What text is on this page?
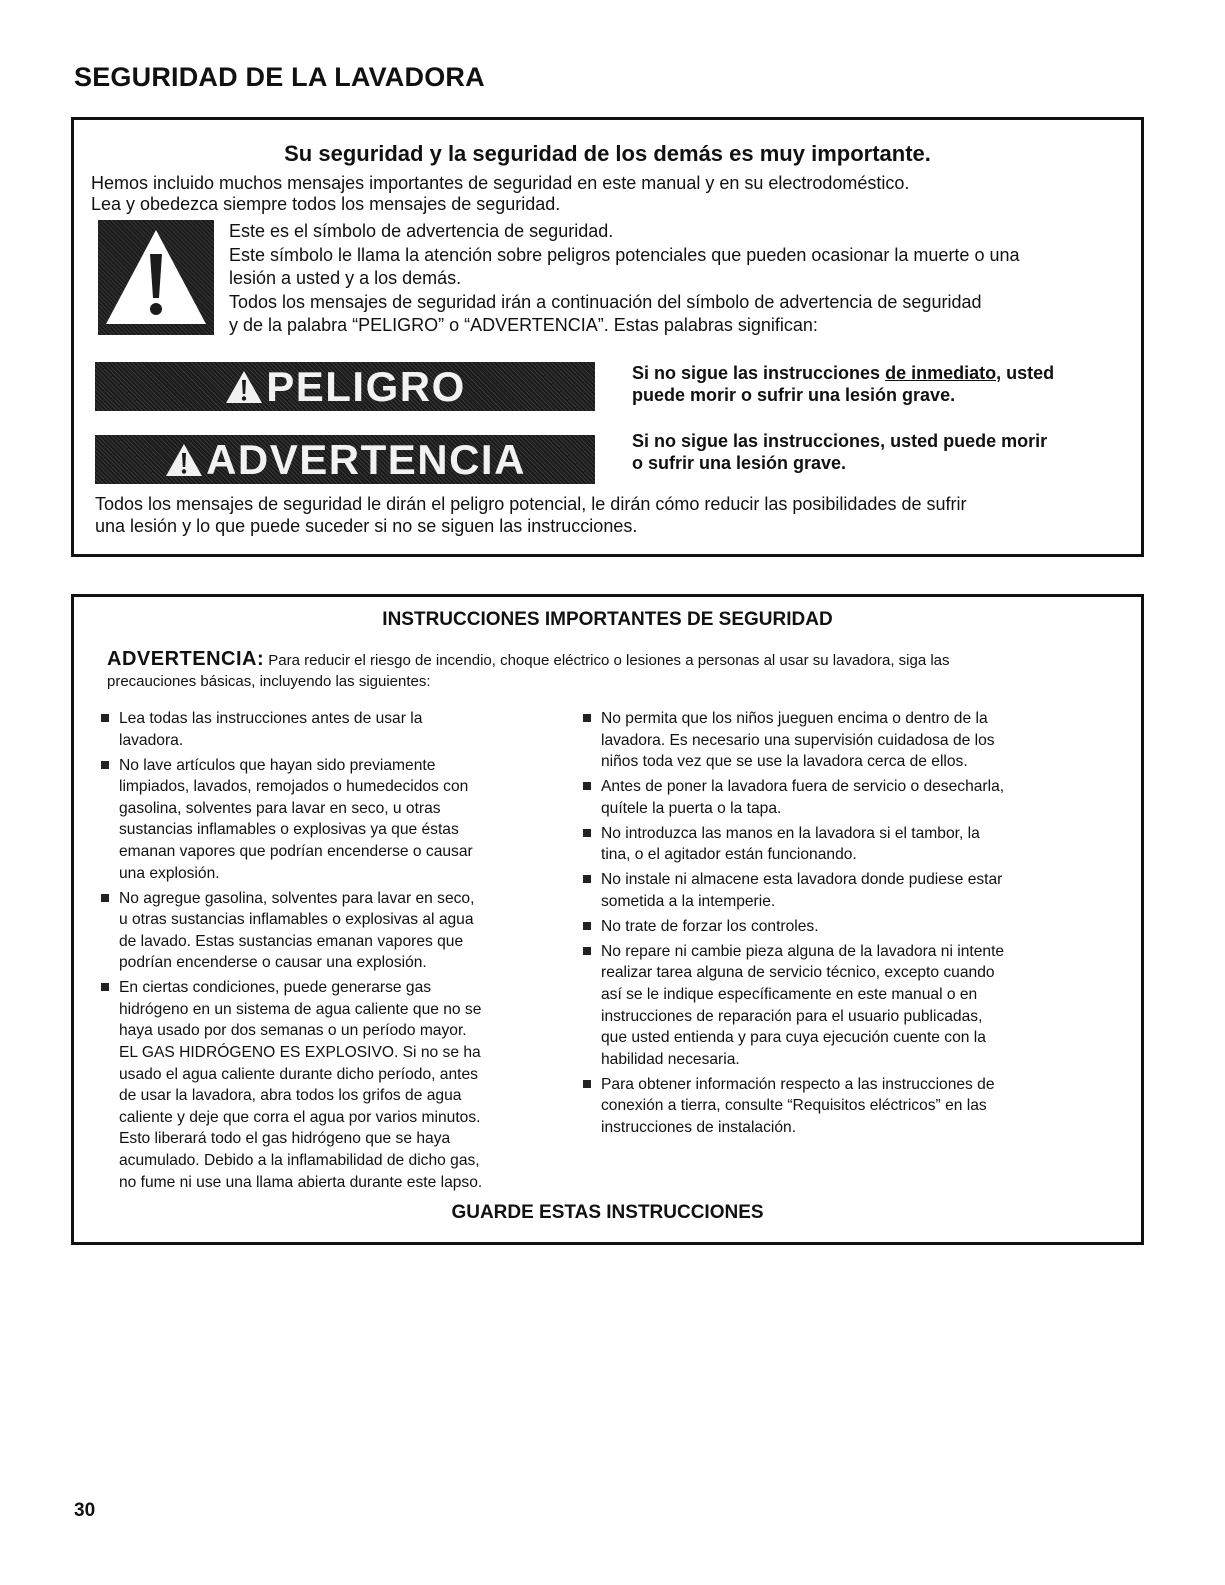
SEGURIDAD DE LA LAVADORA
Su seguridad y la seguridad de los demás es muy importante.

Hemos incluido muchos mensajes importantes de seguridad en este manual y en su electrodoméstico.
Lea y obedezca siempre todos los mensajes de seguridad.

Este es el símbolo de advertencia de seguridad.
Este símbolo le llama la atención sobre peligros potenciales que pueden ocasionar la muerte o una
lesión a usted y a los demás.
Todos los mensajes de seguridad irán a continuación del símbolo de advertencia de seguridad
y de la palabra “PELIGRO” o “ADVERTENCIA”. Estas palabras significan:

PELIGRO	Si no sigue las instrucciones de inmediato, usted
puede morir o sufrir una lesión grave.

ADVERTENCIA	Si no sigue las instrucciones, usted puede morir
o sufrir una lesión grave.

Todos los mensajes de seguridad le dirán el peligro potencial, le dirán cómo reducir las posibilidades de sufrir
una lesión y lo que puede suceder si no se siguen las instrucciones.

INSTRUCCIONES IMPORTANTES DE SEGURIDAD

ADVERTENCIA: Para reducir el riesgo de incendio, choque eléctrico o lesiones a personas al usar su lavadora, siga las
precauciones básicas, incluyendo las siguientes:

Lea todas las instrucciones antes de usar la
lavadora.
No lave artículos que hayan sido previamente
limpiados, lavados, remojados o humedecidos con
gasolina, solventes para lavar en seco, u otras
sustancias inflamables o explosivas ya que éstas
emanan vapores que podrían encenderse o causar
una explosión.
No agregue gasolina, solventes para lavar en seco,
u otras sustancias inflamables o explosivas al agua
de lavado. Estas sustancias emanan vapores que
podrían encenderse o causar una explosión.
En ciertas condiciones, puede generarse gas
hidrógeno en un sistema de agua caliente que no se
haya usado por dos semanas o un período mayor.
EL GAS HIDRÓGENO ES EXPLOSIVO. Si no se ha
usado el agua caliente durante dicho período, antes
de usar la lavadora, abra todos los grifos de agua
caliente y deje que corra el agua por varios minutos.
Esto liberará todo el gas hidrógeno que se haya
acumulado. Debido a la inflamabilidad de dicho gas,
no fume ni use una llama abierta durante este lapso.
No permita que los niños jueguen encima o dentro de la
lavadora. Es necesario una supervisión cuidadosa de los
niños toda vez que se use la lavadora cerca de ellos.
Antes de poner la lavadora fuera de servicio o desecharla,
quítele la puerta o la tapa.
No introduzca las manos en la lavadora si el tambor, la
tina, o el agitador están funcionando.
No instale ni almacene esta lavadora donde pudiese estar
sometida a la intemperie.
No trate de forzar los controles.
No repare ni cambie pieza alguna de la lavadora ni intente
realizar tarea alguna de servicio técnico, excepto cuando
así se le indique específicamente en este manual o en
instrucciones de reparación para el usuario publicadas,
que usted entienda y para cuya ejecución cuente con la
habilidad necesaria.
Para obtener información respecto a las instrucciones de
conexión a tierra, consulte “Requisitos eléctricos” en las
instrucciones de instalación.

GUARDE ESTAS INSTRUCCIONES

30
